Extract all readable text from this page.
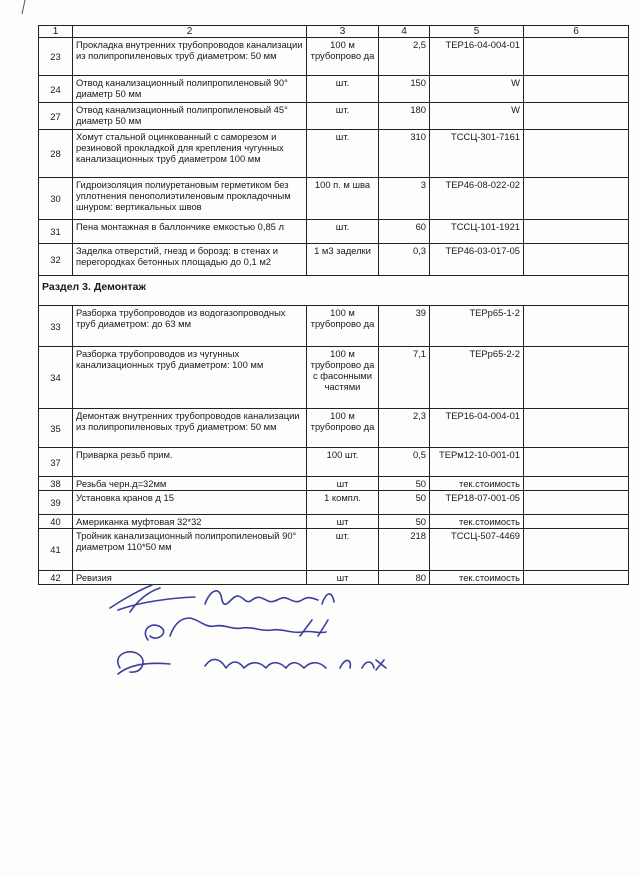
1	2	3	4	5	6
23	Прокладка внутренних трубопроводов канализации из полипропиленовых труб диаметром: 50 мм	100 м трубопрово да	2,5	ТЕР16-04-004-01	
24	Отвод канализационный полипропиленовый 90° диаметр 50 мм	шт.	150	W	
27	Отвод канализационный полипропиленовый 45° диаметр 50 мм	шт.	180	W	
28	Хомут стальной оцинкованный с саморезом и резиновой прокладкой для крепления чугунных канализационных труб диаметром 100 мм	шт.	310	ТССЦ-301-7161	
30	Гидроизоляция полиуретановым герметиком без уплотнения пенополиэтиленовым прокладочным шнуром: вертикальных швов	100 п. м шва	3	ТЕР46-08-022-02	
31	Пена монтажная в баллончике емкостью 0,85 л	шт.	60	ТССЦ-101-1921	
32	Заделка отверстий, гнезд и борозд: в стенах и перегородках бетонных площадью до 0,1 м2	1 м3 заделки	0,3	ТЕР46-03-017-05	
Раздел 3. Демонтаж					
33	Разборка трубопроводов из водогазопроводных труб диаметром: до 63 мм	100 м трубопрово да	39	ТЕРр65-1-2	
34	Разборка трубопроводов из чугунных канализационных труб диаметром: 100 мм	100 м трубопрово да с фасонными частями	7,1	ТЕРр65-2-2	
35	Демонтаж внутренних трубопроводов канализации из полипропиленовых труб диаметром: 50 мм	100 м трубопрово да	2,3	ТЕР16-04-004-01	
37	Приварка резьб прим.	100 шт.	0,5	ТЕРм12-10-001-01	
38	Резьба черн.д=32мм	шт	50	тек.стоимость	
39	Установка кранов д 15	1 компл.	50	ТЕР18-07-001-05	
40	Американка муфтовая 32*32	шт	50	тек.стоимость	
41	Тройник канализационный полипропиленовый 90° диаметром 110*50 мм	шт.	218	ТССЦ-507-4469	
42	Ревизия	шт	80	тек.стоимость	
